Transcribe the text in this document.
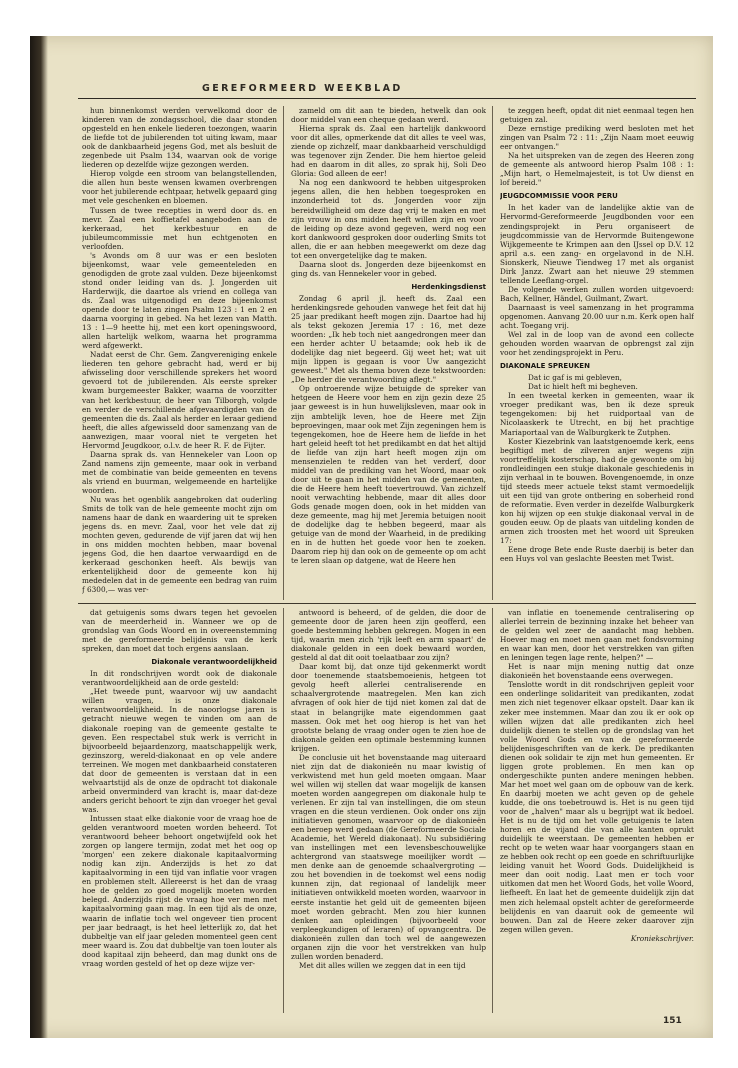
GEREFORMEERD WEEKBLAD

hun binnenkomst werden verwelkomd door de kinderen van de zondagsschool, die daar stonden opgesteld en hen enkele liederen toezongen, waarin de liefde tot de jubilerenden tot uiting kwam, maar ook de dankbaarheid jegens God, met als besluit de zegenbede uit Psalm 134, waarvan ook de vorige liederen op dezelfde wijze gezongen werden.

Hierop volgde een stroom van belangstellenden, die allen hun beste wensen kwamen overbrengen voor het jubilerende echtpaar, hetwelk gepaard ging met vele geschenken en bloemen.

Tussen de twee recepties in werd door ds. en mevr. Zaal een koffietafel aangeboden aan de kerkeraad, het kerkbestuur en de jubileumcommissie met hun echtgenoten en verloofden.

's Avonds om 8 uur was er een besloten bijeenkomst, waar vele gemeenteleden en genodigden de grote zaal vulden. Deze bijeenkomst stond onder leiding van ds. J. Jongerden uit Harderwijk, die daartoe als vriend en collega van ds. Zaal was uitgenodigd en deze bijeenkomst opende door te laten zingen Psalm 123 : 1 en 2 en daarna voorging in gebed. Na het lezen van Matth. 13 : 1—9 heette hij, met een kort openingswoord, allen hartelijk welkom, waarna het programma werd afgewerkt.

Nadat eerst de Chr. Gem. Zangvereniging enkele liederen ten gehore gebracht had, werd er bij afwisseling door verschillende sprekers het woord gevoerd tot de jubilerenden. Als eerste spreker kwam burgemeester Bakker, waarna de voorzitter van het kerkbestuur, de heer van Tilborgh, volgde en verder de verschillende afgevaardigden van de gemeenten die ds. Zaal als herder en leraar gediend heeft, die alles afgewisseld door samenzang van de aanwezigen, maar vooral niet te vergeten het Hervormd Jeugdkoor, o.l.v. de heer R. F. de Fijter.

Daarna sprak ds. van Hennekeler van Loon op Zand namens zijn gemeente, maar ook in verband met de combinatie van beide gemeenten en tevens als vriend en buurman, welgemeende en hartelijke woorden.

Nu was het ogenblik aangebroken dat ouderling Smits de tolk van de hele gemeente mocht zijn om namens haar de dank en waardering uit te spreken jegens ds. en mevr. Zaal, voor het vele dat zij mochten geven, gedurende de vijf jaren dat wij hen in ons midden mochten hebben, maar bovenal jegens God, die hen daartoe verwaardigd en de kerkeraad geschonken heeft. Als bewijs van erkentelijkheid door de gemeente kon hij mededelen dat in de gemeente een bedrag van ruim ƒ 6300,— was ver-

zameld om dit aan te bieden, hetwelk dan ook door middel van een cheque gedaan werd.

Hierna sprak ds. Zaal een hartelijk dankwoord voor dit alles, opmerkende dat dit alles te veel was, ziende op zichzelf, maar dankbaarheid verschuldigd was tegenover zijn Zender. Die hem hiertoe geleid had en daarom in dit alles, zo sprak hij, Soli Deo Gloria: God alleen de eer!

Na nog een dankwoord te hebben uitgesproken jegens allen, die hen hebben toegesproken en inzonderheid tot ds. Jongerden voor zijn bereidwilligheid om deze dag vrij te maken en met zijn vrouw in ons midden heeft willen zijn en voor de leiding op deze avond gegeven, werd nog een kort dankwoord gesproken door ouderling Smits tot allen, die er aan hebben meegewerkt om deze dag tot een onvergetelijke dag te maken.

Daarna sloot ds. Jongerden deze bijeenkomst en ging ds. van Hennekeler voor in gebed.

Herdenkingsdienst

Zondag 6 april jl. heeft ds. Zaal een herdenkingsrede gehouden vanwege het feit dat hij 25 jaar predikant heeft mogen zijn. Daartoe had hij als tekst gekozen Jeremia 17 : 16, met deze woorden: „Ik heb toch niet aangedrongen meer dan een herder achter U betaamde; ook heb ik de dodelijke dag niet begeerd. Gij weet het; wat uit mijn lippen is gegaan is voor Uw aangezicht geweest." Met als thema boven deze tekstwoorden: „De herder die verantwoording aflegt."

Op ontroerende wijze betuigde de spreker van hetgeen de Heere voor hem en zijn gezin deze 25 jaar geweest is in hun huwelijksleven, maar ook in zijn ambtelijk leven, hoe de Heere met Zijn beproevingen, maar ook met Zijn zegeningen hem is tegengekomen, hoe de Heere hem de liefde in het hart geleid heeft tot het predikambt en dat het altijd de liefde van zijn hart heeft mogen zijn om mensenzielen te redden van het verderf, door middel van de prediking van het Woord, maar ook door uit te gaan in het midden van de gemeenten, die de Heere hem heeft toevertrouwd. Van zichzelf nooit verwachting hebbende, maar dit alles door Gods genade mogen doen, ook in het midden van deze gemeente, mag hij met Jeremia betuigen nooit de dodelijke dag te hebben begeerd, maar als getuige van de mond der Waarheid, in de prediking en in de hutten het goede voor hen te zoeken. Daarom riep hij dan ook on de gemeente op om acht te leren slaan op datgene, wat de Heere hen

te zeggen heeft, opdat dit niet eenmaal tegen hen getuigen zal.

Deze ernstige prediking werd besloten met het zingen van Psalm 72 : 11: „Zijn Naam moet eeuwig eer ontvangen."

Na het uitspreken van de zegen des Heeren zong de gemeente als antwoord hierop Psalm 108 : 1: „Mijn hart, o Hemelmajesteit, is tot Uw dienst en lof bereid."

JEUGDCOMMISSIE VOOR PERU

In het kader van de landelijke aktie van de Hervormd-Gereformeerde Jeugdbonden voor een zendingsprojekt in Peru organiseert de jeugdcommissie van de Hervormde Buitengewone Wijkgemeente te Krimpen aan den IJssel op D.V. 12 april a.s. een zang- en orgelavond in de N.H. Sionskerk, Nieuwe Tiendweg 17 met als organist Dirk Janzz. Zwart aan het nieuwe 29 stemmen tellende Leeflang-orgel.

De volgende werken zullen worden uitgevoerd: Bach, Kellner, Händel, Guilmant, Zwart.

Daarnaast is veel samenzang in het programma opgenomen. Aanvang 20.00 uur n.m. Kerk open half acht. Toegang vrij.

Wel zal in de loop van de avond een collecte gehouden worden waarvan de opbrengst zal zijn voor het zendingsprojekt in Peru.

DIAKONALE SPREUKEN

Dat ic gaf is mi gebleven,

Dat ic hielt heft mi begheven.

In een tweetal kerken in gemeenten, waar ik vroeger predikant was, ben ik deze spreuk tegengekomen: bij het ruidportaal van de Nicolaaskerk te Utrecht, en bij het prachtige Mariaportaal van de Walburgkerk te Zutphen.

Koster Kiezebrink van laatstgenoemde kerk, eens begiftigd met de zilveren anjer wegens zijn voortreffelijk kosterschap, had de gewoonte om bij rondleidingen een stukje diakonale geschiedenis in zijn verhaal in te bouwen. Bovengenoemde, in onze tijd steeds meer actuele tekst stamt vermoedelijk uit een tijd van grote ontbering en soberheid rond de reformatie. Even verder in dezelfde Walburgkerk kon hij wijzen op een stukje diakonaal verval in de gouden eeuw. Op de plaats van uitdeling konden de armen zich troosten met het woord uit Spreuken 17:

Eene droge Bete ende Ruste daerbij is beter dan een Huys vol van geslachte Beesten met Twist.

dat getuigenis soms dwars tegen het gevoelen van de meerderheid in. Wanneer we op de grondslag van Gods Woord en in overeenstemming met de gereformeerde belijdenis van de kerk spreken, dan moet dat toch ergens aanslaan.

Diakonale verantwoordelijkheid

In dit rondschrijven wordt ook de diakonale verantwoordelijkheid aan de orde gesteld:

„Het tweede punt, waarvoor wij uw aandacht willen vragen, is onze diakonale verantwoordelijkheid. In de naoorlogse jaren is getracht nieuwe wegen te vinden om aan de diakonale roeping van de gemeente gestalte te geven. Een respectabel stuk werk is verricht in bijvoorbeeld bejaardenzorg, maatschappelijk werk, gezinszorg, wereld-diakonaat en op vele andere terreinen. We mogen met dankbaarheid constateren dat door de gemeenten is verstaan dat in een welvaartstijd als de onze de opdracht tot diakonale arbeid onverminderd van kracht is, maar dat-deze anders gericht behoort te zijn dan vroeger het geval was.

Intussen staat elke diakonie voor de vraag hoe de gelden verantwoord moeten worden beheerd. Tot verantwoord beheer behoort ongetwijfeld ook het zorgen op langere termijn, zodat met het oog op 'morgen' een zekere diakonale kapitaalvorming nodig kan zijn. Anderzijds is het zo dat kapitaalvorming in een tijd van inflatie voor vragen en problemen stelt. Allereerst is het dan de vraag hoe de gelden zo goed mogelijk moeten worden belegd. Anderzijds rijst de vraag hoe ver men met kapitaalvorming gaan mag. In een tijd als de onze, waarin de inflatie toch wel ongeveer tien procent per jaar bedraagt, is het heel letterlijk zo, dat het dubbeltje van elf jaar geleden momenteel geen cent meer waard is. Zou dat dubbeltje van toen louter als dood kapitaal zijn beheerd, dan mag dunkt ons de vraag worden gesteld of het op deze wijze ver-

antwoord is beheerd, of de gelden, die door de gemeente door de jaren heen zijn geofferd, een goede bestemming hebben gekregen. Mogen in een tijd, waarin men zich 'rijk leeft en arm spaart' de diakonale gelden in een doek bewaard worden, gesteld al dat dit ooit toelaatbaar zou zijn?

Daar komt bij, dat onze tijd gekenmerkt wordt door toenemende staatsbemoeienis, hetgeen tot gevolg heeft allerlei centraliserende en schaalvergrotende maatregelen. Men kan zich afvragen of ook hier de tijd niet komen zal dat de staat in belangrijke mate eigendommen gaat massen. Ook met het oog hierop is het van het grootste belang de vraag onder ogen te zien hoe de diakonale gelden een optimale bestemming kunnen krijgen.

De conclusie uit het bovenstaande mag uiteraard niet zijn dat de diakonieën nu maar kwistig of verkwistend met hun geld moeten omgaan. Maar wel willen wij stellen dat waar mogelijk de kansen moeten worden aangegrepen om diakonale hulp te verlenen. Er zijn tal van instellingen, die om steun vragen en die steun verdienen. Ook onder ons zijn initiatieven genomen, waarvoor op de diakonieën een beroep werd gedaan (de Gereformeerde Sociale Academie, het Wereld diakonaat). Nu subsidiëring van instellingen met een levensbeschouwelijke achtergrond van staatswege moeilijker wordt — men denke aan de genoemde schaalvergroting — zou het bovendien in de toekomst wel eens nodig kunnen zijn, dat regionaal of landelijk meer initiatieven ontwikkeld moeten worden, waarvoor in eerste instantie het geld uit de gemeenten bijeen moet worden gebracht. Men zou hier kunnen denken aan opleidingen (bijvoorbeeld voor verpleegkundigen of leraren) of opvangcentra. De diakonieën zullen dan toch wel de aangewezen organen zijn die voor het verstrekken van hulp zullen worden benaderd.

Met dit alles willen we zeggen dat in een tijd

van inflatie en toenemende centralisering op allerlei terrein de bezinning inzake het beheer van de gelden wel zeer de aandacht mag hebben. Hoever mag en moet men gaan met fondsvorming en waar kan men, door het verstrekken van giften en leningen tegen lage rente, helpen?" —

Het is naar mijn mening nuttig dat onze diakonieën het bovenstaande eens overwegen.

Tenslotte wordt in dit rondschrijven gepleit voor een onderlinge solidariteit van predikanten, zodat men zich niet tegenover elkaar opstelt. Daar kan ik zeker mee instemmen. Maar dan zou ik er ook op willen wijzen dat alle predikanten zich heel duidelijk dienen te stellen op de grondslag van het volle Woord Gods en van de gereformeerde belijdenisgeschriften van de kerk. De predikanten dienen ook solidair te zijn met hun gemeenten. Er liggen grote problemen. En men kan op ondergeschikte punten andere meningen hebben. Mar het moet wel gaan om de opbouw van de kerk. En daarbij moeten we acht geven op de gehele kudde, die ons toebetrouwd is. Het is nu geen tijd voor de „halven" maar als u begrijpt wat ik bedoel. Het is nu de tijd om het volle getuigenis te laten horen en de vijand die van alle kanten oprukt duidelijk te weerstaan. De gemeenten hebben er recht op te weten waar haar voorgangers staan en ze hebben ook recht op een goede en schriftuurlijke leiding vanuit het Woord Gods. Duidelijkheid is meer dan ooit nodig. Laat men er toch voor uitkomen dat men het Woord Gods, het volle Woord, liefheeft. En laat het de gemeente duidelijk zijn dat men zich helemaal opstelt achter de gereformeerde belijdenis en van daaruit ook de gemeente wil bouwen. Dan zal de Heere zeker daarover zijn zegen willen geven.

Kroniekschrijver.

151
